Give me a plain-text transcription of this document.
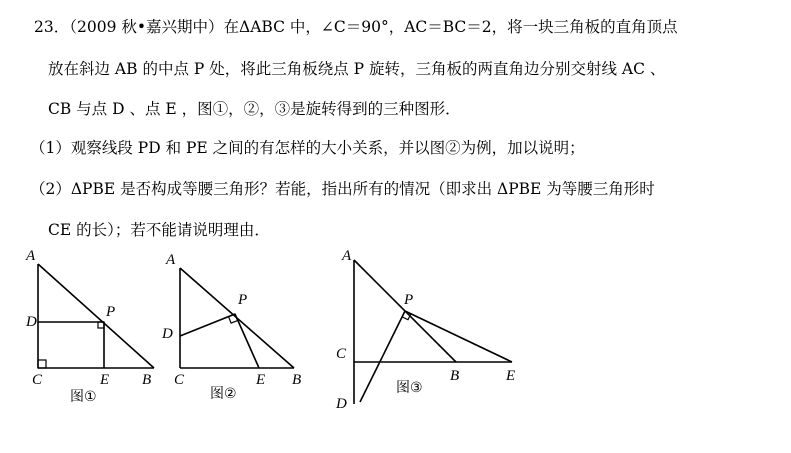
23．（2009 秋•嘉兴期中）在ΔABC 中，∠C＝90°，AC＝BC＝2，将一块三角板的直角顶点
放在斜边 AB 的中点 P 处，将此三角板绕点 P 旋转，三角板的两直角边分别交射线 AC 、
CB 与点 D 、点 E ，图①，②，③是旋转得到的三种图形．
（1）观察线段 PD 和 PE 之间的有怎样的大小关系，并以图②为例，加以说明；
（2）ΔPBE 是否构成等腰三角形？若能，指出所有的情况（即求出 ΔPBE 为等腰三角形时
CE 的长）；若不能请说明理由．
A
D
P
C	E B
图①
A
D
P
C	E B
图②
A
P
C
B	E
D
图③
